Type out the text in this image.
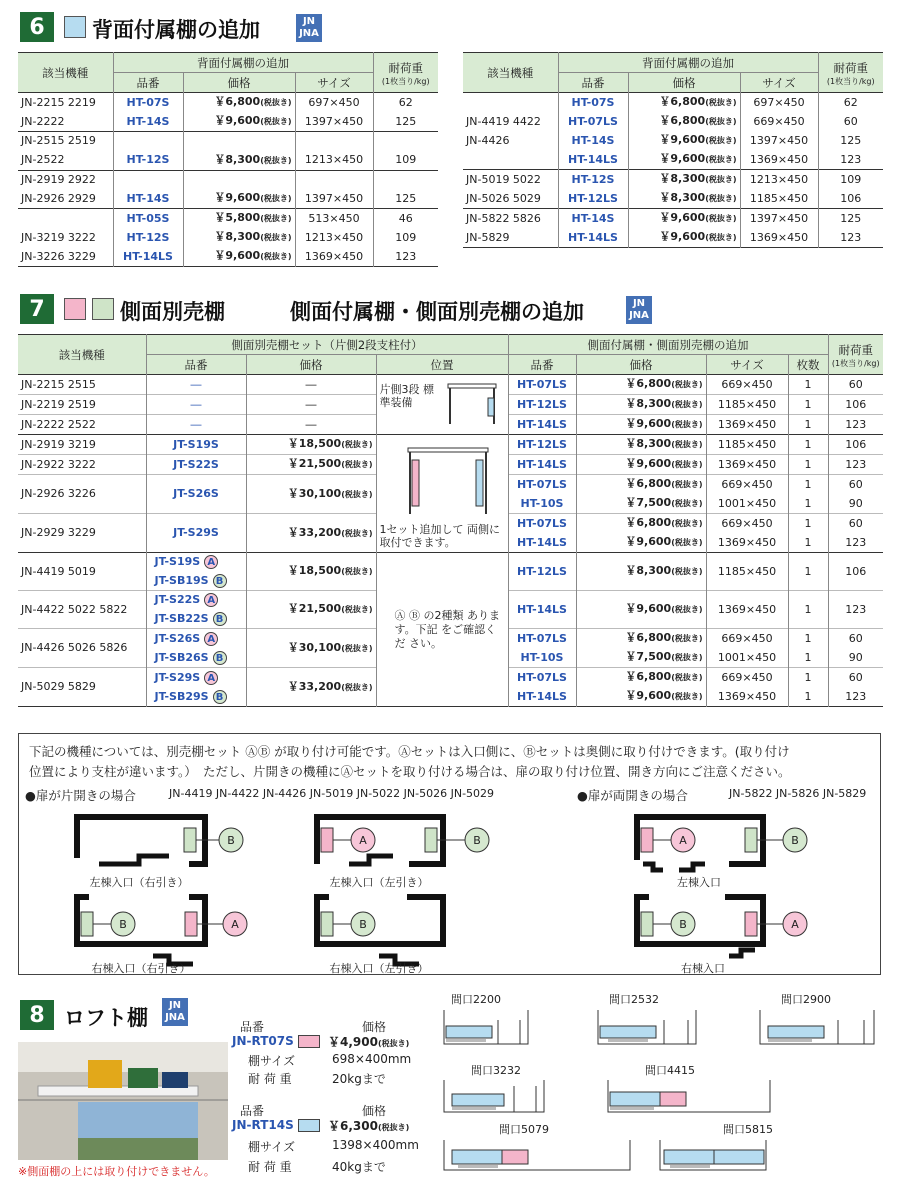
6	背面付属棚の追加	JN
JNA
該当機種	背面付属棚の追加			耐荷重
(1枚当り/kg)

	品番	価格	サイズ	
JN-2215 2219	HT-07S	￥6,800(税抜き)	697×450	62
JN-2222	HT-14S	￥9,600(税抜き)	1397×450	125
JN-2515 2519				
JN-2522	HT-12S	￥8,300(税抜き)	1213×450	109
JN-2919 2922				
JN-2926 2929	HT-14S	￥9,600(税抜き)	1397×450	125
	HT-05S	￥5,800(税抜き)	513×450	46
JN-3219 3222	HT-12S	￥8,300(税抜き)	1213×450	109
JN-3226 3229	HT-14LS	￥9,600(税抜き)	1369×450	123
該当機種	背面付属棚の追加			耐荷重
(1枚当り/kg)

	品番	価格	サイズ	
	HT-07S	￥6,800(税抜き)	697×450	62
JN-4419 4422	HT-07LS	￥6,800(税抜き)	669×450	60
JN-4426	HT-14S	￥9,600(税抜き)	1397×450	125
	HT-14LS	￥9,600(税抜き)	1369×450	123
JN-5019 5022	HT-12S	￥8,300(税抜き)	1213×450	109
JN-5026 5029	HT-12LS	￥8,300(税抜き)	1185×450	106
JN-5822 5826	HT-14S	￥9,600(税抜き)	1397×450	125
JN-5829	HT-14LS	￥9,600(税抜き)	1369×450	123
7	側面別売棚	側面付属棚・側面別売棚の追加	JN
JNA
該当機種	側面別売棚セット（片側2段支柱付）			側面付属棚・側面別売棚の追加				耐荷重
(1枚当り/kg)

	品番	価格	位置	品番	価格	サイズ	枚数	
JN-2215 2515	―	―	片側3段 標準装備	HT-07LS	￥6,800(税抜き)	669×450	1	60
JN-2219 2519	―	―		HT-12LS	￥8,300(税抜き)	1185×450	1	106
JN-2222 2522	―	―		HT-14LS	￥9,600(税抜き)	1369×450	1	123
JN-2919 3219	JT-S19S	￥18,500(税抜き)	1セット追加して 両側に取付できます。	HT-12LS	￥8,300(税抜き)	1185×450	1	106
JN-2922 3222	JT-S22S	￥21,500(税抜き)		HT-14LS	￥9,600(税抜き)	1369×450	1	123
JN-2926 3226	JT-S26S	￥30,100(税抜き)		HT-07LS	￥6,800(税抜き)	669×450	1	60
				HT-10S	￥7,500(税抜き)	1001×450	1	90
JN-2929 3229	JT-S29S	￥33,200(税抜き)		HT-07LS	￥6,800(税抜き)	669×450	1	60
				HT-14LS	￥9,600(税抜き)	1369×450	1	123
JN-4419 5019	JT-S19S A	￥18,500(税抜き)	Ⓐ Ⓑ の2種類 あります。下記 をご確認くだ さい。	HT-12LS	￥8,300(税抜き)	1185×450	1	106
	JT-SB19S B							
JN-4422 5022 5822	JT-S22S A	￥21,500(税抜き)		HT-14LS	￥9,600(税抜き)	1369×450	1	123
	JT-SB22S B							
JN-4426 5026 5826	JT-S26S A	￥30,100(税抜き)		HT-07LS	￥6,800(税抜き)	669×450	1	60
	JT-SB26S B			HT-10S	￥7,500(税抜き)	1001×450	1	90
JN-5029 5829	JT-S29S A	￥33,200(税抜き)		HT-07LS	￥6,800(税抜き)	669×450	1	60
	JT-SB29S B			HT-14LS	￥9,600(税抜き)	1369×450	1	123
下記の機種については、別売棚セット ⒶⒷ が取り付け可能です。Ⓐセットは入口側に、Ⓑセットは奥側に取り付けできます。(取り付け
位置により支柱が違います。）　ただし、片開きの機種にⒶセットを取り付ける場合は、扉の取り付け位置、開き方向にご注意ください。
●扉が片開きの場合	JN-4419 JN-4422 JN-4426 JN-5019 JN-5022 JN-5026 JN-5029	●扉が両開きの場合	JN-5822 JN-5826 JN-5829
B
左棟入口（右引き）
A	B
左棟入口（左引き）
A	B
左棟入口
B	A
右棟入口（右引き）
B
右棟入口（左引き）
B	A
右棟入口
8 ロフト棚
JN
JNA
※側面棚の上には取り付けできません。
品番	価格
JN-RT07S	￥4,900(税抜き)
棚サイズ	698×400mm
耐 荷 重	20kgまで
品番	価格
JN-RT14S	￥6,300(税抜き)
棚サイズ	1398×400mm
耐 荷 重	40kgまで
間口2200	間口2532	間口2900
間口3232	間口4415
間口5079	間口5815
